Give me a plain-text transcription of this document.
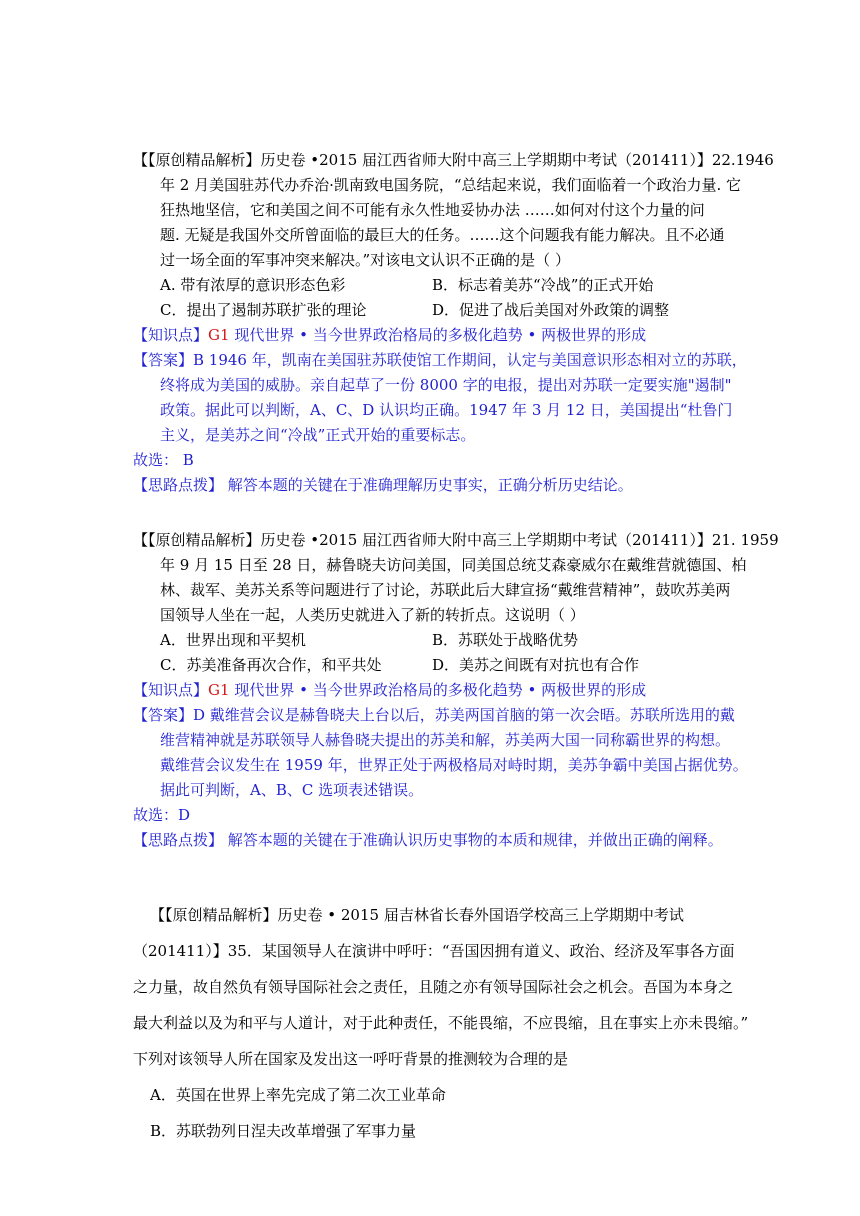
【【原创精品解析】历史卷 •2015 届江西省师大附中高三上学期期中考试（201411）】22.1946
年 2 月美国驻苏代办乔治·凯南致电国务院，“总结起来说，我们面临着一个政治力量. 它
狂热地坚信，它和美国之间不可能有永久性地妥协办法 ……如何对付这个力量的问
题. 无疑是我国外交所曾面临的最巨大的任务。……这个问题我有能力解决。且不必通
过一场全面的军事冲突来解决。”对该电文认识不正确的是（ ）
A. 带有浓厚的意识形态色彩	B．标志着美苏“冷战”的正式开始
C．提出了遏制苏联扩张的理论	D．促进了战后美国对外政策的调整
【知识点】G1 现代世界 • 当今世界政治格局的多极化趋势 • 两极世界的形成
【答案】B 1946 年，凯南在美国驻苏联使馆工作期间，认定与美国意识形态相对立的苏联，
终将成为美国的威胁。亲自起草了一份 8000 字的电报，提出对苏联一定要实施"遏制"
政策。据此可以判断，A、C、D 认识均正确。1947 年 3 月 12 日，美国提出“杜鲁门
主义，是美苏之间“冷战”正式开始的重要标志。
故选： B
【思路点拨】 解答本题的关键在于准确理解历史事实，正确分析历史结论。
【【原创精品解析】历史卷 •2015 届江西省师大附中高三上学期期中考试（201411）】21. 1959
年 9 月 15 日至 28 日，赫鲁晓夫访问美国，同美国总统艾森豪威尔在戴维营就德国、柏
林、裁军、美苏关系等问题进行了讨论，苏联此后大肆宣扬“戴维营精神”，鼓吹苏美两
国领导人坐在一起，人类历史就进入了新的转折点。这说明（ ）
A．世界出现和平契机	B．苏联处于战略优势
C．苏美准备再次合作，和平共处	D．美苏之间既有对抗也有合作
【知识点】G1 现代世界 • 当今世界政治格局的多极化趋势 • 两极世界的形成
【答案】D 戴维营会议是赫鲁晓夫上台以后，苏美两国首脑的第一次会晤。苏联所选用的戴
维营精神就是苏联领导人赫鲁晓夫提出的苏美和解，苏美两大国一同称霸世界的构想。
戴维营会议发生在 1959 年，世界正处于两极格局对峙时期，美苏争霸中美国占据优势。
据此可判断，A、B、C 选项表述错误。
故选：D
【思路点拨】 解答本题的关键在于准确认识历史事物的本质和规律，并做出正确的阐释。
【【原创精品解析】历史卷 • 2015 届吉林省长春外国语学校高三上学期期中考试
（201411）】35．某国领导人在演讲中呼吁：“吾国因拥有道义、政治、经济及军事各方面
之力量，故自然负有领导国际社会之责任，且随之亦有领导国际社会之机会。吾国为本身之
最大利益以及为和平与人道计，对于此种责任，不能畏缩，不应畏缩，且在事实上亦未畏缩。”
下列对该领导人所在国家及发出这一呼吁背景的推测较为合理的是
A．英国在世界上率先完成了第二次工业革命
B．苏联勃列日涅夫改革增强了军事力量
